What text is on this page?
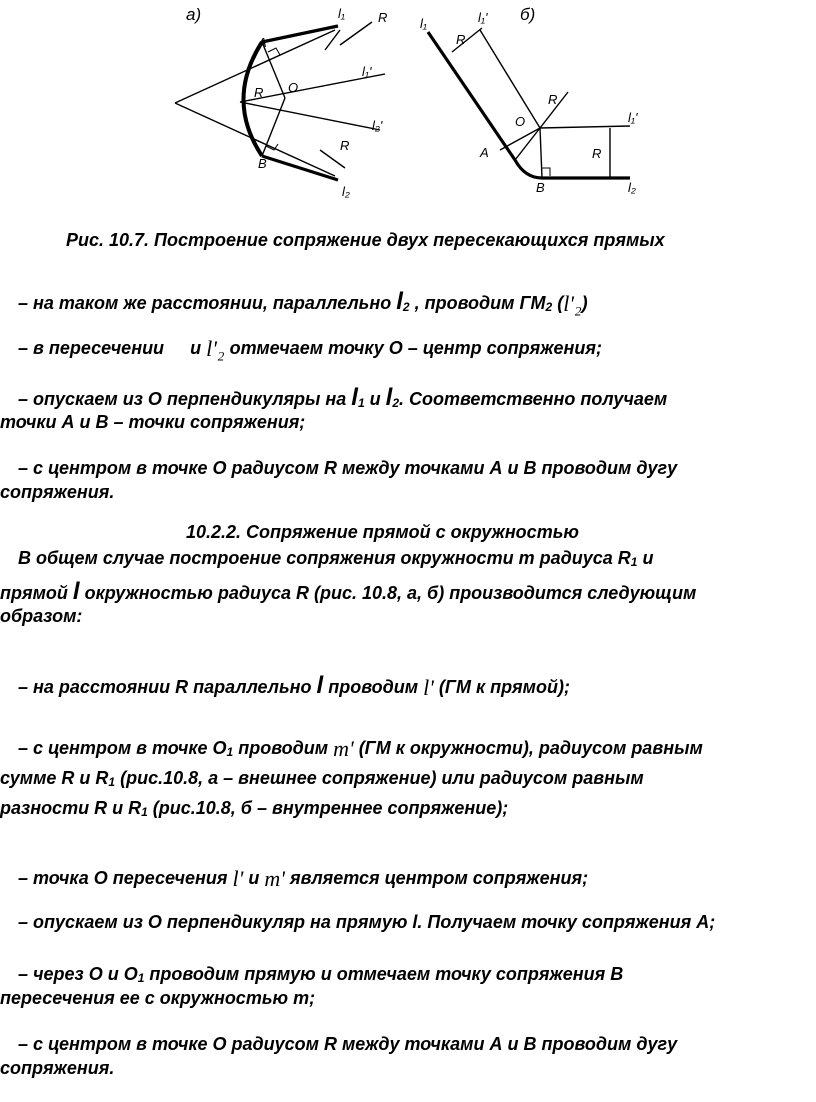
а)
A
B
O
R
R
R
l₁
l₂
l₁'
l₂'
б)
A
B
O
R
R
R
l₁
l₂
l₁'
l₁'
Рис. 10.7. Построение сопряжение двух пересекающихся прямых
– на таком же расстоянии, параллельно l2 , проводим ГМ2 (l'₂)
– в пересечении и l'₂ отмечаем точку О – центр сопряжения;
– опускаем из О перпендикуляры на l1 и l2. Соответственно получаем
точки А и В – точки сопряжения;
– с центром в точке О радиусом R между точками А и В проводим дугу
сопряжения.
10.2.2. Сопряжение прямой с окружностью
В общем случае построение сопряжения окружности т радиуса R1 и
прямой l окружностью радиуса R (рис. 10.8, а, б) производится следующим
образом:
– на расстоянии R параллельно l проводим l' (ГМ к прямой);
– с центром в точке О1 проводим m' (ГМ к окружности), радиусом равным
сумме R и R1 (рис.10.8, а – внешнее сопряжение) или радиусом равным
разности R и R1 (рис.10.8, б – внутреннее сопряжение);
– точка О пересечения l' и m' является центром сопряжения;
– опускаем из О перпендикуляр на прямую l. Получаем точку сопряжения А;
– через О и О1 проводим прямую и отмечаем точку сопряжения В
пересечения ее с окружностью т;
– с центром в точке О радиусом R между точками А и В проводим дугу
сопряжения.
